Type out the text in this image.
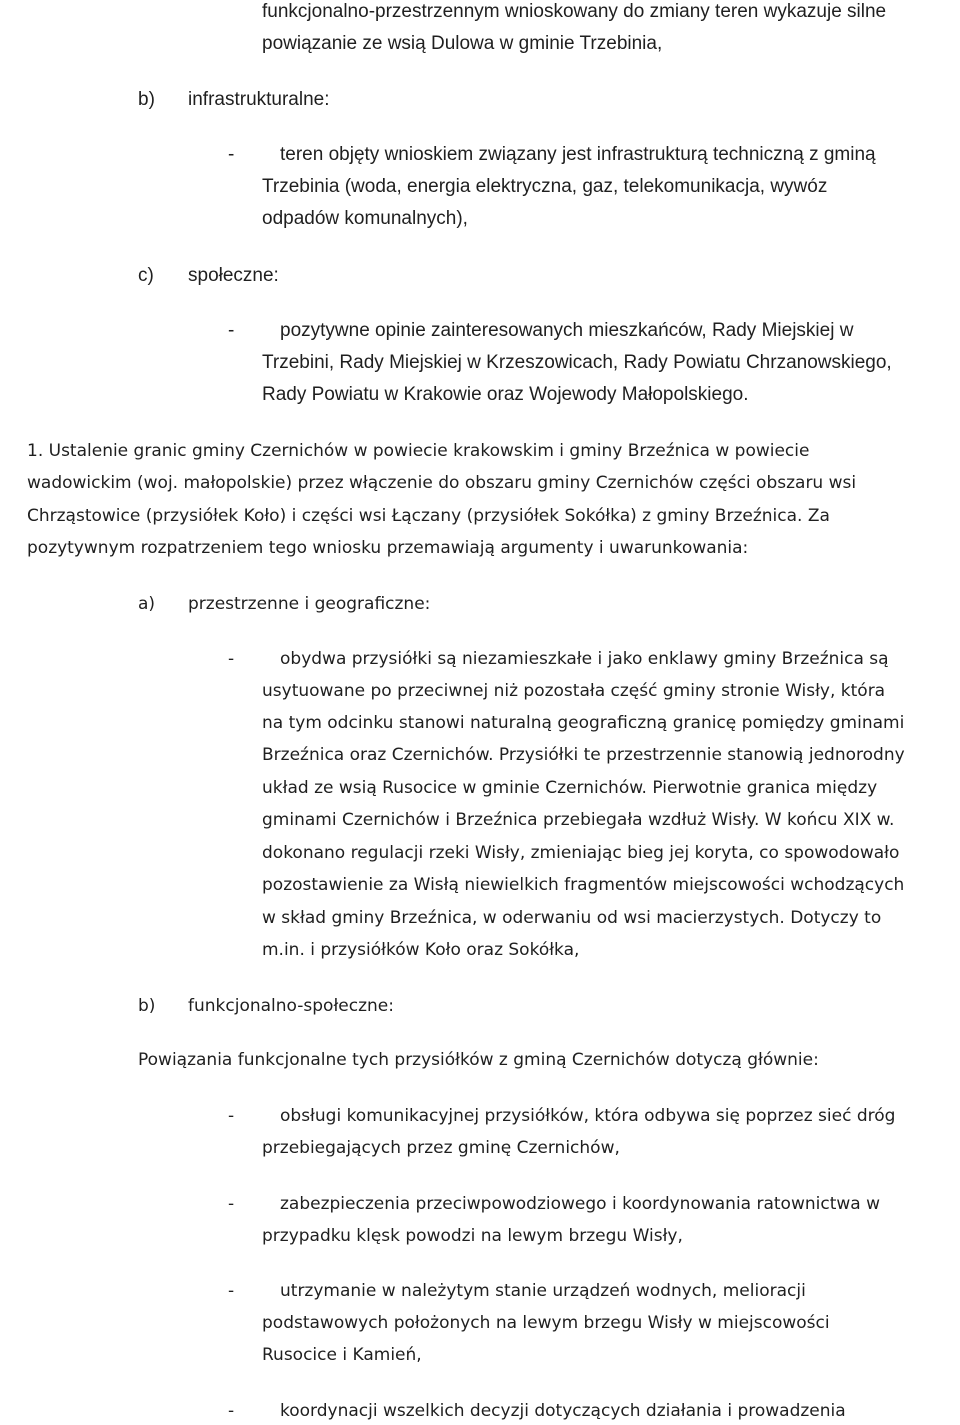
funkcjonalno-przestrzennym wnioskowany do zmiany teren wykazuje silne
powiązanie ze wsią Dulowa w gminie Trzebinia,
b) infrastrukturalne:
- teren objęty wnioskiem związany jest infrastrukturą techniczną z gminą
Trzebinia (woda, energia elektryczna, gaz, telekomunikacja, wywóz
odpadów komunalnych),
c) społeczne:
- pozytywne opinie zainteresowanych mieszkańców, Rady Miejskiej w
Trzebini, Rady Miejskiej w Krzeszowicach, Rady Powiatu Chrzanowskiego,
Rady Powiatu w Krakowie oraz Wojewody Małopolskiego.
1. Ustalenie granic gminy Czernichów w powiecie krakowskim i gminy Brzeźnica w powiecie
wadowickim (woj. małopolskie) przez włączenie do obszaru gminy Czernichów części obszaru wsi
Chrząstowice (przysiółek Koło) i części wsi Łączany (przysiółek Sokółka) z gminy Brzeźnica. Za
pozytywnym rozpatrzeniem tego wniosku przemawiają argumenty i uwarunkowania:
a) przestrzenne i geograficzne:
-	obydwa przysiółki są niezamieszkałe i jako enklawy gminy Brzeźnica są
usytuowane po przeciwnej niż pozostała część gminy stronie Wisły, która
na tym odcinku stanowi naturalną geograficzną granicę pomiędzy gminami
Brzeźnica oraz Czernichów. Przysiółki te przestrzennie stanowią jednorodny
układ ze wsią Rusocice w gminie Czernichów. Pierwotnie granica między
gminami Czernichów i Brzeźnica przebiegała wzdłuż Wisły. W końcu XIX w.
dokonano regulacji rzeki Wisły, zmieniając bieg jej koryta, co spowodowało
pozostawienie za Wisłą niewielkich fragmentów miejscowości wchodzących
w skład gminy Brzeźnica, w oderwaniu od wsi macierzystych. Dotyczy to
m.in. i przysiółków Koło oraz Sokółka,
b) funkcjonalno-społeczne:
Powiązania funkcjonalne tych przysiółków z gminą Czernichów dotyczą głównie:
-	obsługi komunikacyjnej przysiółków, która odbywa się poprzez sieć dróg
przebiegających przez gminę Czernichów,
-	zabezpieczenia przeciwpowodziowego i koordynowania ratownictwa w
przypadku klęsk powodzi na lewym brzegu Wisły,
-	utrzymanie w należytym stanie urządzeń wodnych, melioracji
podstawowych położonych na lewym brzegu Wisły w miejscowości
Rusocice i Kamień,
-	koordynacji wszelkich decyzji dotyczących działania i prowadzenia
